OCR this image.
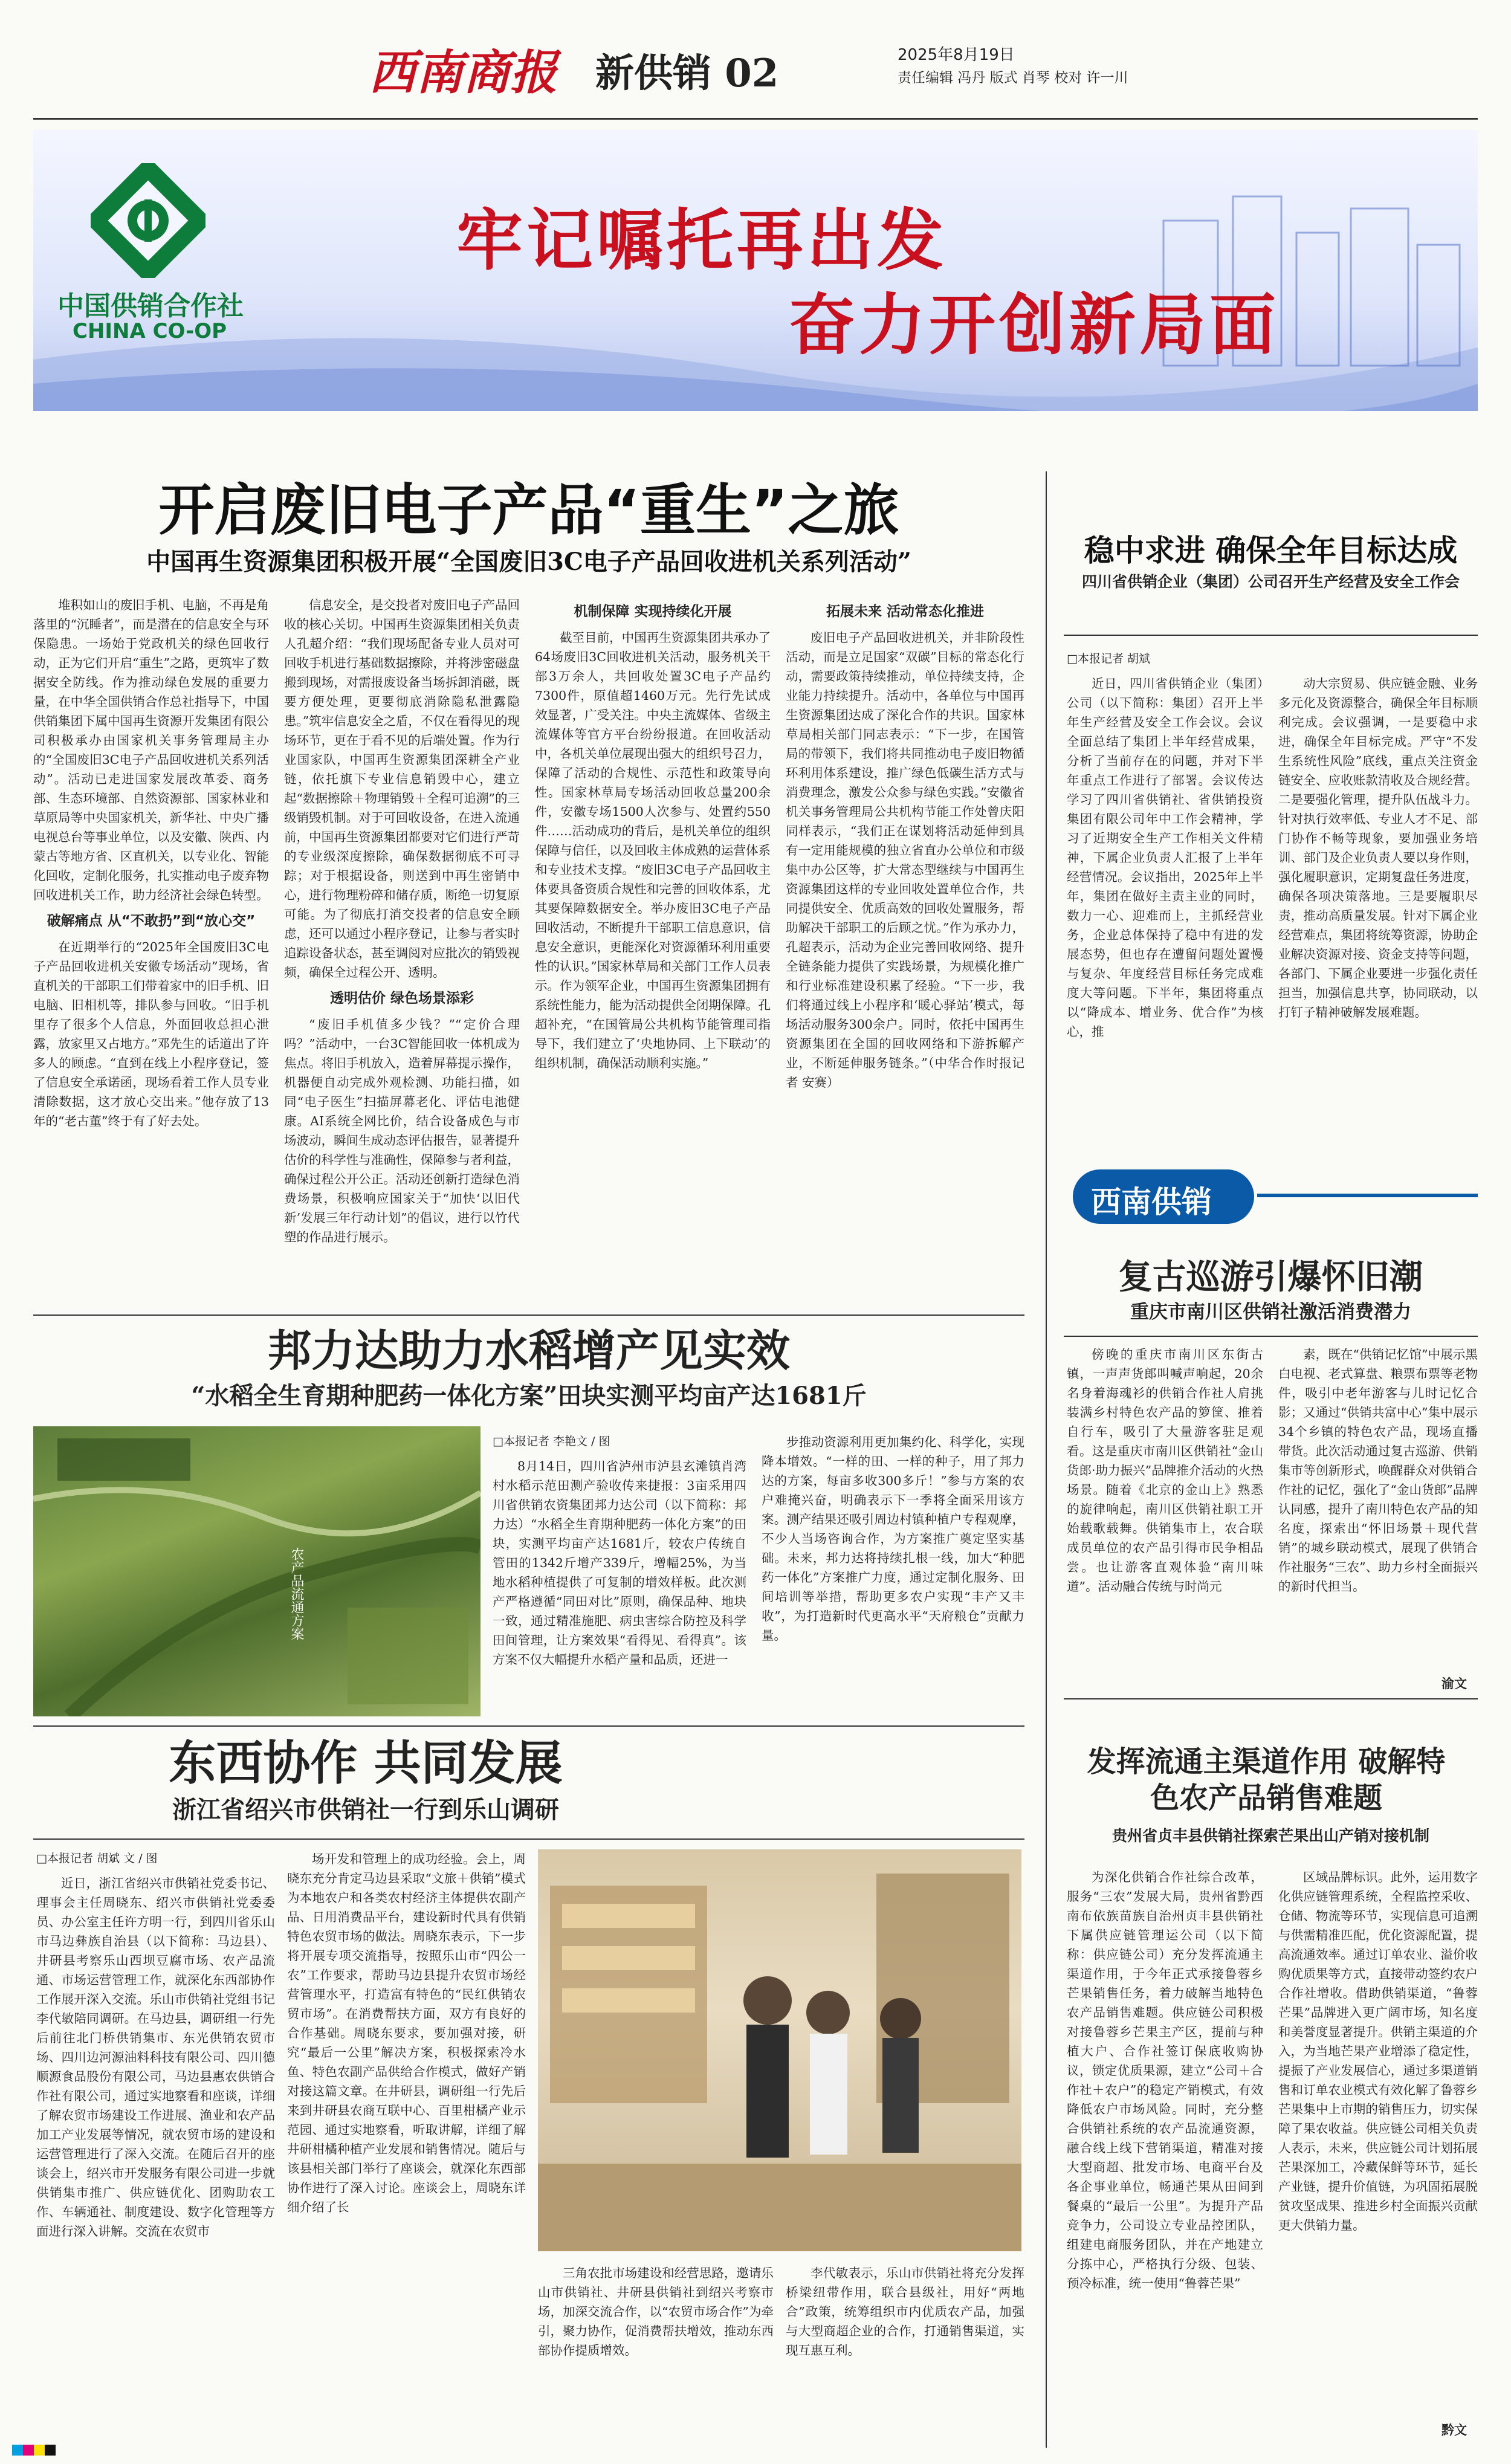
西南商报 新供销 02	2025年8月19日
责任编辑 冯丹 版式 肖琴 校对 许一川
中国供销合作社
CHINA CO-OP
牢记嘱托再出发
奋力开创新局面
开启废旧电子产品“重生”之旅
中国再生资源集团积极开展“全国废旧3C电子产品回收进机关系列活动”

堆积如山的废旧手机、电脑，不再是角落里的“沉睡者”，而是潜在的信息安全与环保隐患。一场始于党政机关的绿色回收行动，正为它们开启“重生”之路，更筑牢了数据安全防线。作为推动绿色发展的重要力量，在中华全国供销合作总社指导下，中国供销集团下属中国再生资源开发集团有限公司积极承办由国家机关事务管理局主办的“全国废旧3C电子产品回收进机关系列活动”。活动已走进国家发展改革委、商务部、生态环境部、自然资源部、国家林业和草原局等中央国家机关，新华社、中央广播电视总台等事业单位，以及安徽、陕西、内蒙古等地方省、区直机关，以专业化、智能化回收，定制化服务，扎实推动电子废弃物回收进机关工作，助力经济社会绿色转型。

破解痛点 从“不敢扔”到“放心交”

在近期举行的“2025年全国废旧3C电子产品回收进机关安徽专场活动”现场，省直机关的干部职工们带着家中的旧手机、旧电脑、旧相机等，排队参与回收。“旧手机里存了很多个人信息，外面回收总担心泄露，放家里又占地方。”邓先生的话道出了许多人的顾虑。“直到在线上小程序登记，签了信息安全承诺函，现场看着工作人员专业清除数据，这才放心交出来。”他存放了13年的“老古董”终于有了好去处。

信息安全，是交投者对废旧电子产品回收的核心关切。中国再生资源集团相关负责人孔超介绍：“我们现场配备专业人员对可回收手机进行基础数据擦除，并将涉密磁盘搬到现场，对需报废设备当场拆卸消磁，既要方便处理，更要彻底消除隐私泄露隐患。”筑牢信息安全之盾，不仅在看得见的现场环节，更在于看不见的后端处置。作为行业国家队，中国再生资源集团深耕全产业链，依托旗下专业信息销毁中心，建立起“数据擦除＋物理销毁＋全程可追溯”的三级销毁机制。对于可回收设备，在进入流通前，中国再生资源集团都要对它们进行严苛的专业级深度擦除，确保数据彻底不可寻踪；对于根据设备，则送到中再生密销中心，进行物理粉碎和储存质，断绝一切复原可能。为了彻底打消交投者的信息安全顾虑，还可以通过小程序登记，让参与者实时追踪设备状态，甚至调阅对应批次的销毁视频，确保全过程公开、透明。

透明估价 绿色场景添彩

“废旧手机值多少钱？”“定价合理吗？”活动中，一台3C智能回收一体机成为焦点。将旧手机放入，造着屏幕提示操作，机器便自动完成外观检测、功能扫描，如同“电子医生”扫描屏幕老化、评估电池健康。AI系统全网比价，结合设备成色与市场波动，瞬间生成动态评估报告，显著提升估价的科学性与准确性，保障参与者利益，确保过程公开公正。活动还创新打造绿色消费场景，积极响应国家关于“加快‘以旧代新’发展三年行动计划”的倡议，进行以竹代塑的作品进行展示。

机制保障 实现持续化开展

截至目前，中国再生资源集团共承办了64场废旧3C回收进机关活动，服务机关干部3万余人，共回收处置3C电子产品约7300件，原值超1460万元。先行先试成效显著，广受关注。中央主流媒体、省级主流媒体等官方平台纷纷报道。在回收活动中，各机关单位展现出强大的组织号召力，保障了活动的合规性、示范性和政策导向性。国家林草局专场活动回收总量200余件，安徽专场1500人次参与、处置约550件……活动成功的背后，是机关单位的组织保障与信任，以及回收主体成熟的运营体系和专业技术支撑。“废旧3C电子产品回收主体要具备资质合规性和完善的回收体系，尤其要保障数据安全。举办废旧3C电子产品回收活动，不断提升干部职工信息意识，信息安全意识，更能深化对资源循环利用重要性的认识。”国家林草局和关部门工作人员表示。作为领军企业，中国再生资源集团拥有系统性能力，能为活动提供全闭期保障。孔超补充，“在国管局公共机构节能管理司指导下，我们建立了‘央地协同、上下联动’的组织机制，确保活动顺利实施。”

拓展未来 活动常态化推进

废旧电子产品回收进机关，并非阶段性活动，而是立足国家“双碳”目标的常态化行动，需要政策持续推动，单位持续支持，企业能力持续提升。活动中，各单位与中国再生资源集团达成了深化合作的共识。国家林草局相关部门同志表示：“下一步，在国管局的带领下，我们将共同推动电子废旧物循环利用体系建设，推广绿色低碳生活方式与消费理念，激发公众参与绿色实践。”安徽省机关事务管理局公共机构节能工作处曾庆阳同样表示，“我们正在谋划将活动延伸到具有一定用能规模的独立省直办公单位和市级集中办公区等，扩大常态型继续与中国再生资源集团这样的专业回收处置单位合作，共同提供安全、优质高效的回收处置服务，帮助解决干部职工的后顾之忧。”作为承办力，孔超表示，活动为企业完善回收网络、提升全链条能力提供了实践场景，为规模化推广和行业标准建设积累了经验。“下一步，我们将通过线上小程序和‘暖心驿站’模式，每场活动服务300余户。同时，依托中国再生资源集团在全国的回收网络和下游拆解产业，不断延伸服务链条。”（中华合作时报记者 安赛）

稳中求进 确保全年目标达成
四川省供销企业（集团）公司召开生产经营及安全工作会
□本报记者 胡斌

近日，四川省供销企业（集团）公司（以下简称：集团）召开上半年生产经营及安全工作会议。会议全面总结了集团上半年经营成果，分析了当前存在的问题，并对下半年重点工作进行了部署。会议传达学习了四川省供销社、省供销投资集团有限公司年中工作会精神，学习了近期安全生产工作相关文件精神，下属企业负责人汇报了上半年经营情况。会议指出，2025年上半年，集团在做好主责主业的同时，数力一心、迎难而上，主抓经营业务，企业总体保持了稳中有进的发展态势，但也存在遭留问题处置慢与复杂、年度经营目标任务完成难度大等问题。下半年，集团将重点以“降成本、增业务、优合作”为核心，推

动大宗贸易、供应链金融、业务多元化及资源整合，确保全年目标顺利完成。会议强调，一是要稳中求进，确保全年目标完成。严守“不发生系统性风险”底线，重点关注资金链安全、应收账款清收及合规经营。二是要强化管理，提升队伍战斗力。针对执行效率低、专业人才不足、部门协作不畅等现象，要加强业务培训、部门及企业负责人要以身作则，强化履职意识，定期复盘任务进度，确保各项决策落地。三是要履职尽责，推动高质量发展。针对下属企业经营难点，集团将统筹资源，协助企业解决资源对接、资金支持等问题，各部门、下属企业要进一步强化责任担当，加强信息共享，协同联动，以打钉子精神破解发展难题。

西南供销
复古巡游引爆怀旧潮
重庆市南川区供销社激活消费潜力

傍晚的重庆市南川区东街古镇，一声声货郎叫喊声响起，20余名身着海魂衫的供销合作社人肩挑装满乡村特色农产品的箩筐、推着自行车，吸引了大量游客驻足观看。这是重庆市南川区供销社“金山货郎·助力振兴”品牌推介活动的火热场景。随着《北京的金山上》熟悉的旋律响起，南川区供销社职工开始载歌载舞。供销集市上，农合联成员单位的农产品引得市民争相品尝。也让游客直观体验“南川味道”。活动融合传统与时尚元

素，既在“供销记忆馆”中展示黑白电视、老式算盘、粮票布票等老物件，吸引中老年游客与儿时记忆合影；又通过“供销共富中心”集中展示34个乡镇的特色农产品，现场直播带货。此次活动通过复古巡游、供销集市等创新形式，唤醒群众对供销合作社的记忆，强化了“金山货郎”品牌认同感，提升了南川特色农产品的知名度，探索出“怀旧场景＋现代营销”的城乡联动模式，展现了供销合作社服务“三农”、助力乡村全面振兴的新时代担当。

渝文
发挥流通主渠道作用 破解特色农产品销售难题
贵州省贞丰县供销社探索芒果出山产销对接机制

为深化供销合作社综合改革，服务“三农”发展大局，贵州省黔西南布依族苗族自治州贞丰县供销社下属供应链管理运公司（以下简称：供应链公司）充分发挥流通主渠道作用，于今年正式承接鲁蓉乡芒果销售任务，着力破解当地特色农产品销售难题。供应链公司积极对接鲁蓉乡芒果主产区，提前与种植大户、合作社签订保底收购协议，锁定优质果源，建立“公司＋合作社＋农户”的稳定产销模式，有效降低农户市场风险。同时，充分整合供销社系统的农产品流通资源，融合线上线下营销渠道，精准对接大型商超、批发市场、电商平台及各企事业单位，畅通芒果从田间到餐桌的“最后一公里”。为提升产品竞争力，公司设立专业品控团队，组建电商服务团队，并在产地建立分拣中心，严格执行分级、包装、预冷标准，统一使用“鲁蓉芒果”

区域品牌标识。此外，运用数字化供应链管理系统，全程监控采收、仓储、物流等环节，实现信息可追溯与供需精准匹配，优化资源配置，提高流通效率。通过订单农业、溢价收购优质果等方式，直接带动签约农户合作社增收。借助供销渠道，“鲁蓉芒果”品牌进入更广阔市场，知名度和美誉度显著提升。供销主渠道的介入，为当地芒果产业增添了稳定性，提振了产业发展信心，通过多渠道销售和订单农业模式有效化解了鲁蓉乡芒果集中上市期的销售压力，切实保障了果农收益。供应链公司相关负责人表示，未来，供应链公司计划拓展芒果深加工，冷藏保鲜等环节，延长产业链，提升价值链，为巩固拓展脱贫攻坚成果、推进乡村全面振兴贡献更大供销力量。

黔文
邦力达助力水稻增产见实效
“水稻全生育期种肥药一体化方案”田块实测平均亩产达1681斤
农产品流通方案
□本报记者 李艳文 / 图

8月14日，四川省泸州市泸县玄滩镇肖湾村水稻示范田测产验收传来捷报：3亩采用四川省供销农资集团邦力达公司（以下简称：邦力达）“水稻全生育期种肥药一体化方案”的田块，实测平均亩产达1681斤，较农户传统自管田的1342斤增产339斤，增幅25%，为当地水稻种植提供了可复制的增效样板。此次测产严格遵循“同田对比”原则，确保品种、地块一致，通过精准施肥、病虫害综合防控及科学田间管理，让方案效果“看得见、看得真”。该方案不仅大幅提升水稻产量和品质，还进一

步推动资源利用更加集约化、科学化，实现降本增效。“一样的田、一样的种子，用了邦力达的方案，每亩多收300多斤！”参与方案的农户难掩兴奋，明确表示下一季将全面采用该方案。测产结果还吸引周边村镇种植户专程观摩，不少人当场咨询合作，为方案推广奠定坚实基础。未来，邦力达将持续扎根一线，加大“种肥药一体化”方案推广力度，通过定制化服务、田间培训等举措，帮助更多农户实现“丰产又丰收”，为打造新时代更高水平“天府粮仓”贡献力量。

东西协作 共同发展
浙江省绍兴市供销社一行到乐山调研
□本报记者 胡斌 文 / 图

近日，浙江省绍兴市供销社党委书记、理事会主任周晓东、绍兴市供销社党委委员、办公室主任许方明一行，到四川省乐山市马边彝族自治县（以下简称：马边县）、井研县考察乐山西坝豆腐市场、农产品流通、市场运营管理工作，就深化东西部协作工作展开深入交流。乐山市供销社党组书记李代敏陪同调研。在马边县，调研组一行先后前往北门桥供销集市、东光供销农贸市场、四川边河源油料科技有限公司、四川德顺源食品股份有限公司，马边县惠农供销合作社有限公司，通过实地察看和座谈，详细了解农贸市场建设工作进展、渔业和农产品加工产业发展等情况，就农贸市场的建设和运营管理进行了深入交流。在随后召开的座谈会上，绍兴市开发服务有限公司进一步就供销集市推广、供应链优化、团购助农工作、车辆通社、制度建设、数字化管理等方面进行深入讲解。交流在农贸市

场开发和管理上的成功经验。会上，周晓东充分肯定马边县采取“文旅＋供销”模式为本地农户和各类农村经济主体提供农副产品、日用消费品平台，建设新时代具有供销特色农贸市场的做法。周晓东表示，下一步将开展专项交流指导，按照乐山市“四公一农”工作要求，帮助马边县提升农贸市场经营管理水平，打造富有特色的“民红供销农贸市场”。在消费帮扶方面，双方有良好的合作基础。周晓东要求，要加强对接，研究“最后一公里”解决方案，积极探索冷水鱼、特色农副产品供给合作模式，做好产销对接这篇文章。在井研县，调研组一行先后来到井研县农商互联中心、百里柑橘产业示范园、通过实地察看，听取讲解，详细了解井研柑橘种植产业发展和销售情况。随后与该县相关部门举行了座谈会，就深化东西部协作进行了深入讨论。座谈会上，周晓东详细介绍了长

三角农批市场建设和经营思路，邀请乐山市供销社、井研县供销社到绍兴考察市场，加深交流合作，以“农贸市场合作”为牵引，聚力协作，促消费帮扶增效，推动东西部协作提质增效。

李代敏表示，乐山市供销社将充分发挥桥梁纽带作用，联合县级社，用好“两地合”政策，统筹组织市内优质农产品，加强与大型商超企业的合作，打通销售渠道，实现互惠互利。
